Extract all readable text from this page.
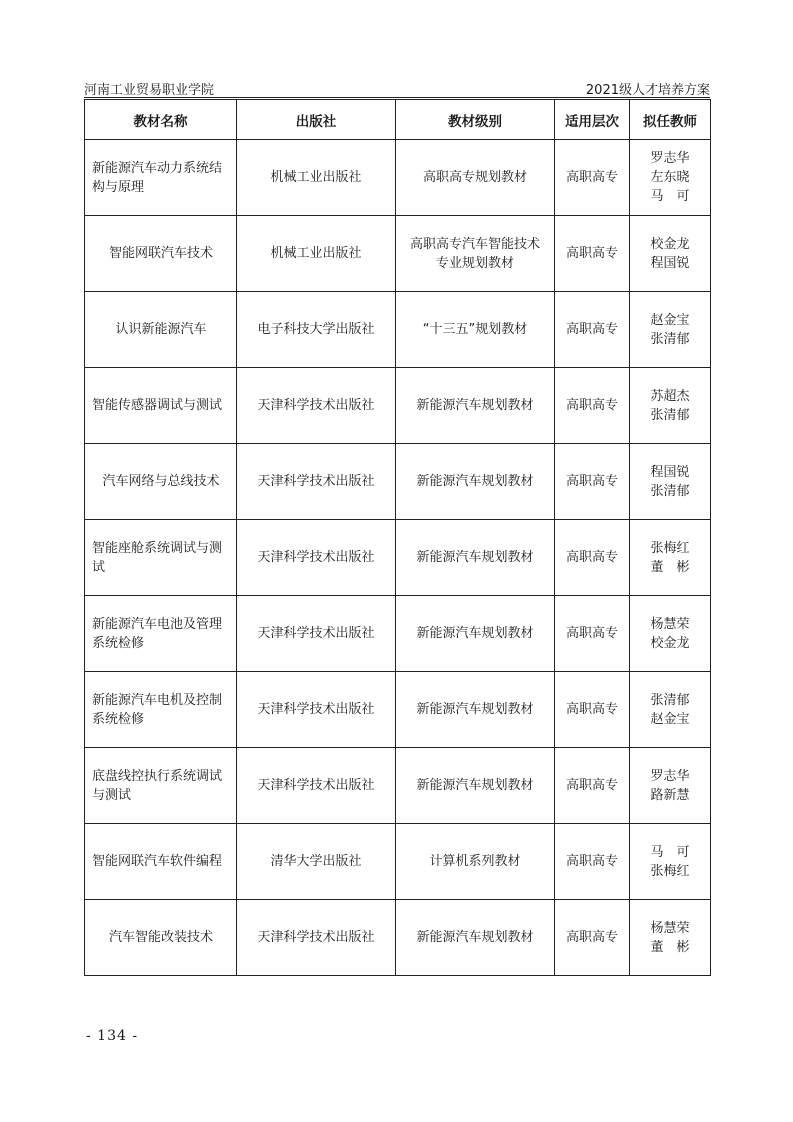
河南工业贸易职业学院	2021级人才培养方案
教材名称	出版社	教材级别	适用层次	拟任教师
新能源汽车动力系统结构与原理	机械工业出版社	高职高专规划教材	高职高专	罗志华
左东晓
马　可

智能网联汽车技术	机械工业出版社	高职高专汽车智能技术专业规划教材	高职高专	校金龙
程国锐

认识新能源汽车	电子科技大学出版社	“十三五”规划教材	高职高专	赵金宝
张清郁

智能传感器调试与测试	天津科学技术出版社	新能源汽车规划教材	高职高专	苏超杰
张清郁

汽车网络与总线技术	天津科学技术出版社	新能源汽车规划教材	高职高专	程国锐
张清郁

智能座舱系统调试与测试	天津科学技术出版社	新能源汽车规划教材	高职高专	张梅红
董　彬

新能源汽车电池及管理系统检修	天津科学技术出版社	新能源汽车规划教材	高职高专	杨慧荣
校金龙

新能源汽车电机及控制系统检修	天津科学技术出版社	新能源汽车规划教材	高职高专	张清郁
赵金宝

底盘线控执行系统调试与测试	天津科学技术出版社	新能源汽车规划教材	高职高专	罗志华
路新慧

智能网联汽车软件编程	清华大学出版社	计算机系列教材	高职高专	马　可
张梅红

汽车智能改装技术	天津科学技术出版社	新能源汽车规划教材	高职高专	杨慧荣
董　彬
- 134 -
